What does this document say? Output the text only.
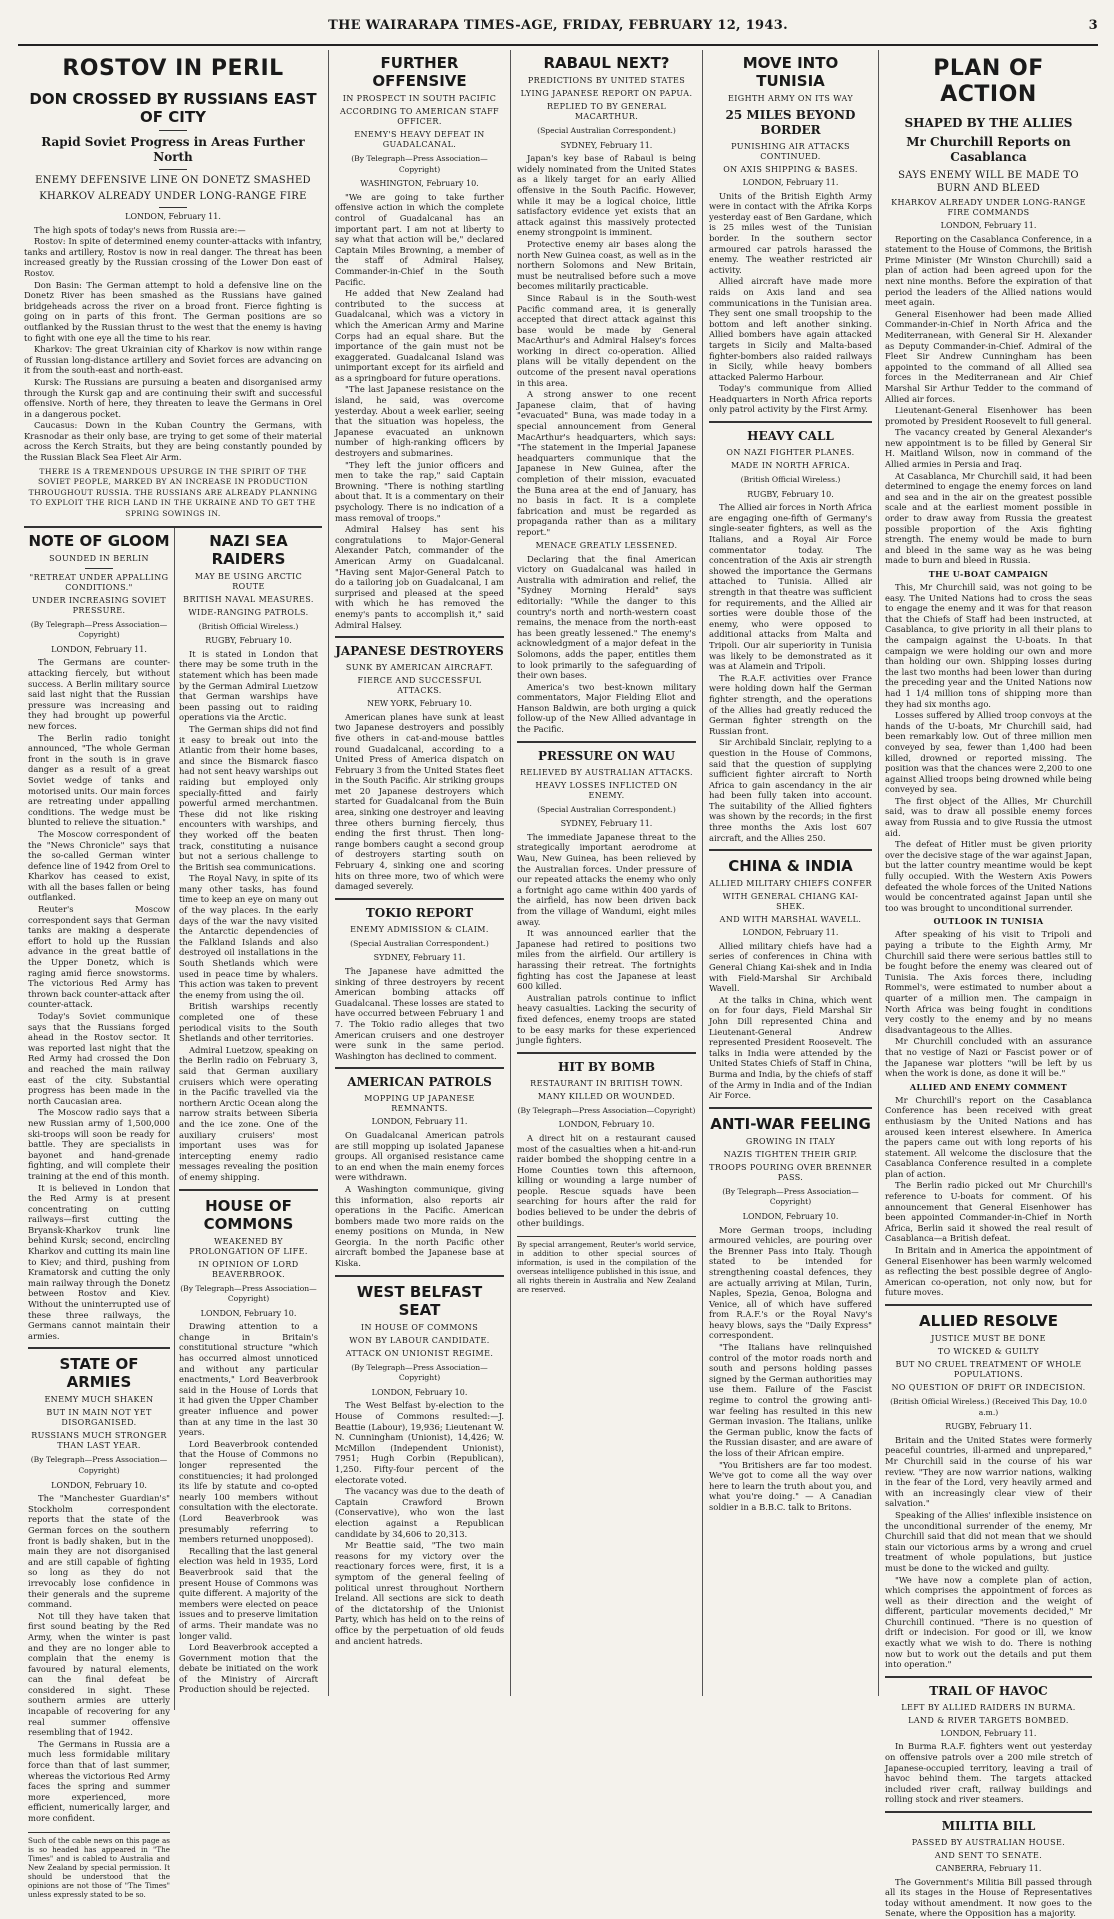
THE WAIRARAPA TIMES-AGE, FRIDAY, FEBRUARY 12, 1943.	3
ROSTOV IN PERIL
DON CROSSED BY RUSSIANS EAST OF CITY
Rapid Soviet Progress in Areas Further North
ENEMY DEFENSIVE LINE ON DONETZ SMASHED
KHARKOV ALREADY UNDER LONG-RANGE FIRE
LONDON, February 11.

The high spots of today's news from Russia are:—

Rostov: In spite of determined enemy counter-attacks with infantry, tanks and artillery, Rostov is now in real danger. The threat has been increased greatly by the Russian crossing of the Lower Don east of Rostov.

Don Basin: The German attempt to hold a defensive line on the Donetz River has been smashed as the Russians have gained bridgeheads across the river on a broad front. Fierce fighting is going on in parts of this front. The German positions are so outflanked by the Russian thrust to the west that the enemy is having to fight with one eye all the time to his rear.

Kharkov: The great Ukrainian city of Kharkov is now within range of Russian long-distance artillery and Soviet forces are advancing on it from the south-east and north-east.

Kursk: The Russians are pursuing a beaten and disorganised army through the Kursk gap and are continuing their swift and successful offensive. North of here, they threaten to leave the Germans in Orel in a dangerous pocket.

Caucasus: Down in the Kuban Country the Germans, with Krasnodar as their only base, are trying to get some of their material across the Kerch Straits, but they are being constantly pounded by the Russian Black Sea Fleet Air Arm.

THERE IS A TREMENDOUS UPSURGE IN THE SPIRIT OF THE SOVIET PEOPLE, MARKED BY AN INCREASE IN PRODUCTION THROUGHOUT RUSSIA. THE RUSSIANS ARE ALREADY PLANNING TO EXPLOIT THE RICH LAND IN THE UKRAINE AND TO GET THE SPRING SOWINGS IN.
NOTE OF GLOOM
SOUNDED IN BERLIN
"RETREAT UNDER APPALLING CONDITIONS."
UNDER INCREASING SOVIET PRESSURE.
(By Telegraph—Press Association—Copyright)
LONDON, February 11.

The Germans are counter-attacking fiercely, but without success. A Berlin military source said last night that the Russian pressure was increasing and they had brought up powerful new forces.

The Berlin radio tonight announced, "The whole German front in the south is in grave danger as a result of a great Soviet wedge of tanks and motorised units. Our main forces are retreating under appalling conditions. The wedge must be blunted to relieve the situation."

The Moscow correspondent of the "News Chronicle" says that the so-called German winter defence line of 1942 from Orel to Kharkov has ceased to exist, with all the bases fallen or being outflanked.

Reuter's Moscow correspondent says that German tanks are making a desperate effort to hold up the Russian advance in the great battle of the Upper Donetz, which is raging amid fierce snowstorms. The victorious Red Army has thrown back counter-attack after counter-attack.

Today's Soviet communique says that the Russians forged ahead in the Rostov sector. It was reported last night that the Red Army had crossed the Don and reached the main railway east of the city. Substantial progress has been made in the north Caucasian area.

The Moscow radio says that a new Russian army of 1,500,000 ski-troops will soon be ready for battle. They are specialists in bayonet and hand-grenade fighting, and will complete their training at the end of this month.

It is believed in London that the Red Army is at present concentrating on cutting railways—first cutting the Bryansk-Kharkov trunk line behind Kursk; second, encircling Kharkov and cutting its main line to Kiev; and third, pushing from Kramatorsk and cutting the only main railway through the Donetz between Rostov and Kiev. Without the uninterrupted use of these three railways, the Germans cannot maintain their armies.

STATE OF ARMIES
ENEMY MUCH SHAKEN
BUT IN MAIN NOT YET DISORGANISED.
RUSSIANS MUCH STRONGER THAN LAST YEAR.
(By Telegraph—Press Association—Copyright)
LONDON, February 10.

The "Manchester Guardian's" Stockholm correspondent reports that the state of the German forces on the southern front is badly shaken, but in the main they are not disorganised and are still capable of fighting so long as they do not irrevocably lose confidence in their generals and the supreme command.

Not till they have taken that first sound beating by the Red Army, when the winter is past and they are no longer able to complain that the enemy is favoured by natural elements, can the final defeat be considered in sight. These southern armies are utterly incapable of recovering for any real summer offensive resembling that of 1942.

The Germans in Russia are a much less formidable military force than that of last summer, whereas the victorious Red Army faces the spring and summer more experienced, more efficient, numerically larger, and more confident.

Such of the cable news on this page as is so headed has appeared in "The Times" and is cabled to Australia and New Zealand by special permission. It should be understood that the opinions are not those of "The Times" unless expressly stated to be so.
NAZI SEA RAIDERS
MAY BE USING ARCTIC ROUTE
BRITISH NAVAL MEASURES.
WIDE-RANGING PATROLS.
(British Official Wireless.)
RUGBY, February 10.

It is stated in London that there may be some truth in the statement which has been made by the German Admiral Luetzow that German warships have been passing out to raiding operations via the Arctic.

The German ships did not find it easy to break out into the Atlantic from their home bases, and since the Bismarck fiasco had not sent heavy warships out raiding but employed only specially-fitted and fairly powerful armed merchantmen. These did not like risking encounters with warships, and they worked off the beaten track, constituting a nuisance but not a serious challenge to the British sea communications.

The Royal Navy, in spite of its many other tasks, has found time to keep an eye on many out of the way places. In the early days of the war the navy visited the Antarctic dependencies of the Falkland Islands and also destroyed oil installations in the South Shetlands which were used in peace time by whalers. This action was taken to prevent the enemy from using the oil.

British warships recently completed one of these periodical visits to the South Shetlands and other territories.

Admiral Luetzow, speaking on the Berlin radio on February 3, said that German auxiliary cruisers which were operating in the Pacific travelled via the northern Arctic Ocean along the narrow straits between Siberia and the ice zone. One of the auxiliary cruisers' most important uses was for intercepting enemy radio messages revealing the position of enemy shipping.

HOUSE OF COMMONS
WEAKENED BY PROLONGATION OF LIFE.
IN OPINION OF LORD BEAVERBROOK.
(By Telegraph—Press Association—Copyright)
LONDON, February 10.

Drawing attention to a change in Britain's constitutional structure "which has occurred almost unnoticed and without any particular enactments," Lord Beaverbrook said in the House of Lords that it had given the Upper Chamber greater influence and power than at any time in the last 30 years.

Lord Beaverbrook contended that the House of Commons no longer represented the constituencies; it had prolonged its life by statute and co-opted nearly 100 members without consultation with the electorate. (Lord Beaverbrook was presumably referring to members returned unopposed).

Recalling that the last general election was held in 1935, Lord Beaverbrook said that the present House of Commons was quite different. A majority of the members were elected on peace issues and to preserve limitation of arms. Their mandate was no longer valid.

Lord Beaverbrook accepted a Government motion that the debate be initiated on the work of the Ministry of Aircraft Production should be rejected.

FURTHER OFFENSIVE
IN PROSPECT IN SOUTH PACIFIC
ACCORDING TO AMERICAN STAFF OFFICER.
ENEMY'S HEAVY DEFEAT IN GUADALCANAL.
(By Telegraph—Press Association—Copyright)
WASHINGTON, February 10.

"We are going to take further offensive action in which the complete control of Guadalcanal has an important part. I am not at liberty to say what that action will be," declared Captain Miles Browning, a member of the staff of Admiral Halsey, Commander-in-Chief in the South Pacific.

He added that New Zealand had contributed to the success at Guadalcanal, which was a victory in which the American Army and Marine Corps had an equal share. But the importance of the gain must not be exaggerated. Guadalcanal Island was unimportant except for its airfield and as a springboard for future operations.

"The last Japanese resistance on the island, he said, was overcome yesterday. About a week earlier, seeing that the situation was hopeless, the Japanese evacuated an unknown number of high-ranking officers by destroyers and submarines.

"They left the junior officers and men to take the rap," said Captain Browning. "There is nothing startling about that. It is a commentary on their psychology. There is no indication of a mass removal of troops."

Admiral Halsey has sent his congratulations to Major-General Alexander Patch, commander of the American Army on Guadalcanal. "Having sent Major-General Patch to do a tailoring job on Guadalcanal, I am surprised and pleased at the speed with which he has removed the enemy's pants to accomplish it," said Admiral Halsey.

JAPANESE DESTROYERS
SUNK BY AMERICAN AIRCRAFT.
FIERCE AND SUCCESSFUL ATTACKS.
NEW YORK, February 10.

American planes have sunk at least two Japanese destroyers and possibly five others in cat-and-mouse battles round Guadalcanal, according to a United Press of America dispatch on February 3 from the United States fleet in the South Pacific. Air striking groups met 20 Japanese destroyers which started for Guadalcanal from the Buin area, sinking one destroyer and leaving three others burning fiercely, thus ending the first thrust. Then long-range bombers caught a second group of destroyers starting south on February 4, sinking one and scoring hits on three more, two of which were damaged severely.

TOKIO REPORT
ENEMY ADMISSION & CLAIM.
(Special Australian Correspondent.)
SYDNEY, February 11.

The Japanese have admitted the sinking of three destroyers by recent American bombing attacks off Guadalcanal. These losses are stated to have occurred between February 1 and 7. The Tokio radio alleges that two American cruisers and one destroyer were sunk in the same period. Washington has declined to comment.

AMERICAN PATROLS
MOPPING UP JAPANESE REMNANTS.
LONDON, February 11.

On Guadalcanal American patrols are still mopping up isolated Japanese groups. All organised resistance came to an end when the main enemy forces were withdrawn.

A Washington communique, giving this information, also reports air operations in the Pacific. American bombers made two more raids on the enemy positions on Munda, in New Georgia. In the north Pacific other aircraft bombed the Japanese base at Kiska.

WEST BELFAST SEAT
IN HOUSE OF COMMONS
WON BY LABOUR CANDIDATE.
ATTACK ON UNIONIST REGIME.
(By Telegraph—Press Association—Copyright)
LONDON, February 10.

The West Belfast by-election to the House of Commons resulted:—J. Beattie (Labour), 19,936; Lieutenant W. N. Cunningham (Unionist), 14,426; W. McMillon (Independent Unionist), 7951; Hugh Corbin (Republican), 1,250. Fifty-four percent of the electorate voted.

The vacancy was due to the death of Captain Crawford Brown (Conservative), who won the last election against a Republican candidate by 34,606 to 20,313.

Mr Beattie said, "The two main reasons for my victory over the reactionary forces were, first, it is a symptom of the general feeling of political unrest throughout Northern Ireland. All sections are sick to death of the dictatorship of the Unionist Party, which has held on to the reins of office by the perpetuation of old feuds and ancient hatreds.

RABAUL NEXT?
PREDICTIONS BY UNITED STATES
LYING JAPANESE REPORT ON PAPUA.
REPLIED TO BY GENERAL MACARTHUR.
(Special Australian Correspondent.)
SYDNEY, February 11.

Japan's key base of Rabaul is being widely nominated from the United States as a likely target for an early Allied offensive in the South Pacific. However, while it may be a logical choice, little satisfactory evidence yet exists that an attack against this massively protected enemy strongpoint is imminent.

Protective enemy air bases along the north New Guinea coast, as well as in the northern Solomons and New Britain, must be neutralised before such a move becomes militarily practicable.

Since Rabaul is in the South-west Pacific command area, it is generally accepted that direct attack against this base would be made by General MacArthur's and Admiral Halsey's forces working in direct co-operation. Allied plans will be vitally dependent on the outcome of the present naval operations in this area.

A strong answer to one recent Japanese claim, that of having "evacuated" Buna, was made today in a special announcement from General MacArthur's headquarters, which says: "The statement in the Imperial Japanese headquarters communique that the Japanese in New Guinea, after the completion of their mission, evacuated the Buna area at the end of January, has no basis in fact. It is a complete fabrication and must be regarded as propaganda rather than as a military report."

MENACE GREATLY LESSENED.

Declaring that the final American victory on Guadalcanal was hailed in Australia with admiration and relief, the "Sydney Morning Herald" says editorially: "While the danger to this country's north and north-western coast remains, the menace from the north-east has been greatly lessened." The enemy's acknowledgment of a major defeat in the Solomons, adds the paper, entitles them to look primarily to the safeguarding of their own bases.

America's two best-known military commentators, Major Fielding Eliot and Hanson Baldwin, are both urging a quick follow-up of the New Allied advantage in the Pacific.

PRESSURE ON WAU
RELIEVED BY AUSTRALIAN ATTACKS.
HEAVY LOSSES INFLICTED ON ENEMY.
(Special Australian Correspondent.)
SYDNEY, February 11.

The immediate Japanese threat to the strategically important aerodrome at Wau, New Guinea, has been relieved by the Australian forces. Under pressure of our repeated attacks the enemy who only a fortnight ago came within 400 yards of the airfield, has now been driven back from the village of Wandumi, eight miles away.

It was announced earlier that the Japanese had retired to positions two miles from the airfield. Our artillery is harassing their retreat. The fortnights fighting has cost the Japanese at least 600 killed.

Australian patrols continue to inflict heavy casualties. Lacking the security of fixed defences, enemy troops are stated to be easy marks for these experienced jungle fighters.

HIT BY BOMB
RESTAURANT IN BRITISH TOWN.
MANY KILLED OR WOUNDED.
(By Telegraph—Press Association—Copyright)
LONDON, February 10.

A direct hit on a restaurant caused most of the casualties when a hit-and-run raider bombed the shopping centre in a Home Counties town this afternoon, killing or wounding a large number of people. Rescue squads have been searching for hours after the raid for bodies believed to be under the debris of other buildings.

By special arrangement, Reuter's world service, in addition to other special sources of information, is used in the compilation of the overseas intelligence published in this issue, and all rights therein in Australia and New Zealand are reserved.
MOVE INTO TUNISIA
EIGHTH ARMY ON ITS WAY
25 MILES BEYOND BORDER
PUNISHING AIR ATTACKS CONTINUED.
ON AXIS SHIPPING & BASES.
LONDON, February 11.

Units of the British Eighth Army were in contact with the Afrika Korps yesterday east of Ben Gardane, which is 25 miles west of the Tunisian border. In the southern sector armoured car patrols harassed the enemy. The weather restricted air activity.

Allied aircraft have made more raids on Axis land and sea communications in the Tunisian area. They sent one small troopship to the bottom and left another sinking. Allied bombers have again attacked targets in Sicily and Malta-based fighter-bombers also raided railways in Sicily, while heavy bombers attacked Palermo Harbour.

Today's communique from Allied Headquarters in North Africa reports only patrol activity by the First Army.

HEAVY CALL
ON NAZI FIGHTER PLANES.
MADE IN NORTH AFRICA.
(British Official Wireless.)
RUGBY, February 10.

The Allied air forces in North Africa are engaging one-fifth of Germany's single-seater fighters, as well as the Italians, and a Royal Air Force commentator today. The concentration of the Axis air strength showed the importance the Germans attached to Tunisia. Allied air strength in that theatre was sufficient for requirements, and the Allied air sorties were double those of the enemy, who were opposed to additional attacks from Malta and Tripoli. Our air superiority in Tunisia was likely to be demonstrated as it was at Alamein and Tripoli.

The R.A.F. activities over France were holding down half the German fighter strength, and the operations of the Allies had greatly reduced the German fighter strength on the Russian front.

Sir Archibald Sinclair, replying to a question in the House of Commons, said that the question of supplying sufficient fighter aircraft to North Africa to gain ascendancy in the air had been fully taken into account. The suitability of the Allied fighters was shown by the records; in the first three months the Axis lost 607 aircraft, and the Allies 250.

CHINA & INDIA
ALLIED MILITARY CHIEFS CONFER
WITH GENERAL CHIANG KAI-SHEK.
AND WITH MARSHAL WAVELL.
LONDON, February 11.

Allied military chiefs have had a series of conferences in China with General Chiang Kai-shek and in India with Field-Marshal Sir Archibald Wavell.

At the talks in China, which went on for four days, Field Marshal Sir John Dill represented China and Lieutenant-General Andrew represented President Roosevelt. The talks in India were attended by the United States Chiefs of Staff in China, Burma and India, by the chiefs of staff of the Army in India and of the Indian Air Force.

ANTI-WAR FEELING
GROWING IN ITALY
NAZIS TIGHTEN THEIR GRIP.
TROOPS POURING OVER BRENNER PASS.
(By Telegraph—Press Association—Copyright)
LONDON, February 10.

More German troops, including armoured vehicles, are pouring over the Brenner Pass into Italy. Though stated to be intended for strengthening coastal defences, they are actually arriving at Milan, Turin, Naples, Spezia, Genoa, Bologna and Venice, all of which have suffered from R.A.F.'s or the Royal Navy's heavy blows, says the "Daily Express" correspondent.

"The Italians have relinquished control of the motor roads north and south and persons holding passes signed by the German authorities may use them. Failure of the Fascist regime to control the growing anti-war feeling has resulted in this new German invasion. The Italians, unlike the German public, know the facts of the Russian disaster, and are aware of the loss of their African empire.

"You Britishers are far too modest. We've got to come all the way over here to learn the truth about you, and what you're doing." — A Canadian soldier in a B.B.C. talk to Britons.

PLAN OF ACTION
SHAPED BY THE ALLIES
Mr Churchill Reports on Casablanca
SAYS ENEMY WILL BE MADE TO BURN AND BLEED
KHARKOV ALREADY UNDER LONG-RANGE FIRE COMMANDS
LONDON, February 11.

Reporting on the Casablanca Conference, in a statement to the House of Commons, the British Prime Minister (Mr Winston Churchill) said a plan of action had been agreed upon for the next nine months. Before the expiration of that period the leaders of the Allied nations would meet again.

General Eisenhower had been made Allied Commander-in-Chief in North Africa and the Mediterranean, with General Sir H. Alexander as Deputy Commander-in-Chief. Admiral of the Fleet Sir Andrew Cunningham has been appointed to the command of all Allied sea forces in the Mediterranean and Air Chief Marshal Sir Arthur Tedder to the command of Allied air forces.

Lieutenant-General Eisenhower has been promoted by President Roosevelt to full general.

The vacancy created by General Alexander's new appointment is to be filled by General Sir H. Maitland Wilson, now in command of the Allied armies in Persia and Iraq.

At Casablanca, Mr Churchill said, it had been determined to engage the enemy forces on land and sea and in the air on the greatest possible scale and at the earliest moment possible in order to draw away from Russia the greatest possible proportion of the Axis fighting strength. The enemy would be made to burn and bleed in the same way as he was being made to burn and bleed in Russia.

THE U-BOAT CAMPAIGN

This, Mr Churchill said, was not going to be easy. The United Nations had to cross the seas to engage the enemy and it was for that reason that the Chiefs of Staff had been instructed, at Casablanca, to give priority in all their plans to the campaign against the U-boats. In that campaign we were holding our own and more than holding our own. Shipping losses during the last two months had been lower than during the preceding year and the United Nations now had 1 1/4 million tons of shipping more than they had six months ago.

Losses suffered by Allied troop convoys at the hands of the U-boats, Mr Churchill said, had been remarkably low. Out of three million men conveyed by sea, fewer than 1,400 had been killed, drowned or reported missing. The position was that the chances were 2,200 to one against Allied troops being drowned while being conveyed by sea.

The first object of the Allies, Mr Churchill said, was to draw all possible enemy forces away from Russia and to give Russia the utmost aid.

The defeat of Hitler must be given priority over the decisive stage of the war against Japan, but the latter country meantime would be kept fully occupied. With the Western Axis Powers defeated the whole forces of the United Nations would be concentrated against Japan until she too was brought to unconditional surrender.

OUTLOOK IN TUNISIA

After speaking of his visit to Tripoli and paying a tribute to the Eighth Army, Mr Churchill said there were serious battles still to be fought before the enemy was cleared out of Tunisia. The Axis forces there, including Rommel's, were estimated to number about a quarter of a million men. The campaign in North Africa was being fought in conditions very costly to the enemy and by no means disadvantageous to the Allies.

Mr Churchill concluded with an assurance that no vestige of Nazi or Fascist power or of the Japanese war plotters "will be left by us when the work is done, as done it will be."

ALLIED AND ENEMY COMMENT

Mr Churchill's report on the Casablanca Conference has been received with great enthusiasm by the United Nations and has aroused keen interest elsewhere. In America the papers came out with long reports of his statement. All welcome the disclosure that the Casablanca Conference resulted in a complete plan of action.

The Berlin radio picked out Mr Churchill's reference to U-boats for comment. Of his announcement that General Eisenhower has been appointed Commander-in-Chief in North Africa, Berlin said it showed the real result of Casablanca—a British defeat.

In Britain and in America the appointment of General Eisenhower has been warmly welcomed as reflecting the best possible degree of Anglo-American co-operation, not only now, but for future moves.

ALLIED RESOLVE
JUSTICE MUST BE DONE
TO WICKED & GUILTY
BUT NO CRUEL TREATMENT OF WHOLE POPULATIONS.
NO QUESTION OF DRIFT OR INDECISION.
(British Official Wireless.) (Received This Day, 10.0 a.m.)
RUGBY, February 11.

Britain and the United States were formerly peaceful countries, ill-armed and unprepared," Mr Churchill said in the course of his war review. "They are now warrior nations, walking in the fear of the Lord, very heavily armed and with an increasingly clear view of their salvation."

Speaking of the Allies' inflexible insistence on the unconditional surrender of the enemy, Mr Churchill said that did not mean that we should stain our victorious arms by a wrong and cruel treatment of whole populations, but justice must be done to the wicked and guilty.

"We have now a complete plan of action, which comprises the appointment of forces as well as their direction and the weight of different, particular movements decided," Mr Churchill continued. "There is no question of drift or indecision. For good or ill, we know exactly what we wish to do. There is nothing now but to work out the details and put them into operation."

TRAIL OF HAVOC
LEFT BY ALLIED RAIDERS IN BURMA.
LAND & RIVER TARGETS BOMBED.
LONDON, February 11.

In Burma R.A.F. fighters went out yesterday on offensive patrols over a 200 mile stretch of Japanese-occupied territory, leaving a trail of havoc behind them. The targets attacked included river craft, railway buildings and rolling stock and river steamers.

MILITIA BILL
PASSED BY AUSTRALIAN HOUSE.
AND SENT TO SENATE.
CANBERRA, February 11.

The Government's Militia Bill passed through all its stages in the House of Representatives today without amendment. It now goes to the Senate, where the Opposition has a majority.
